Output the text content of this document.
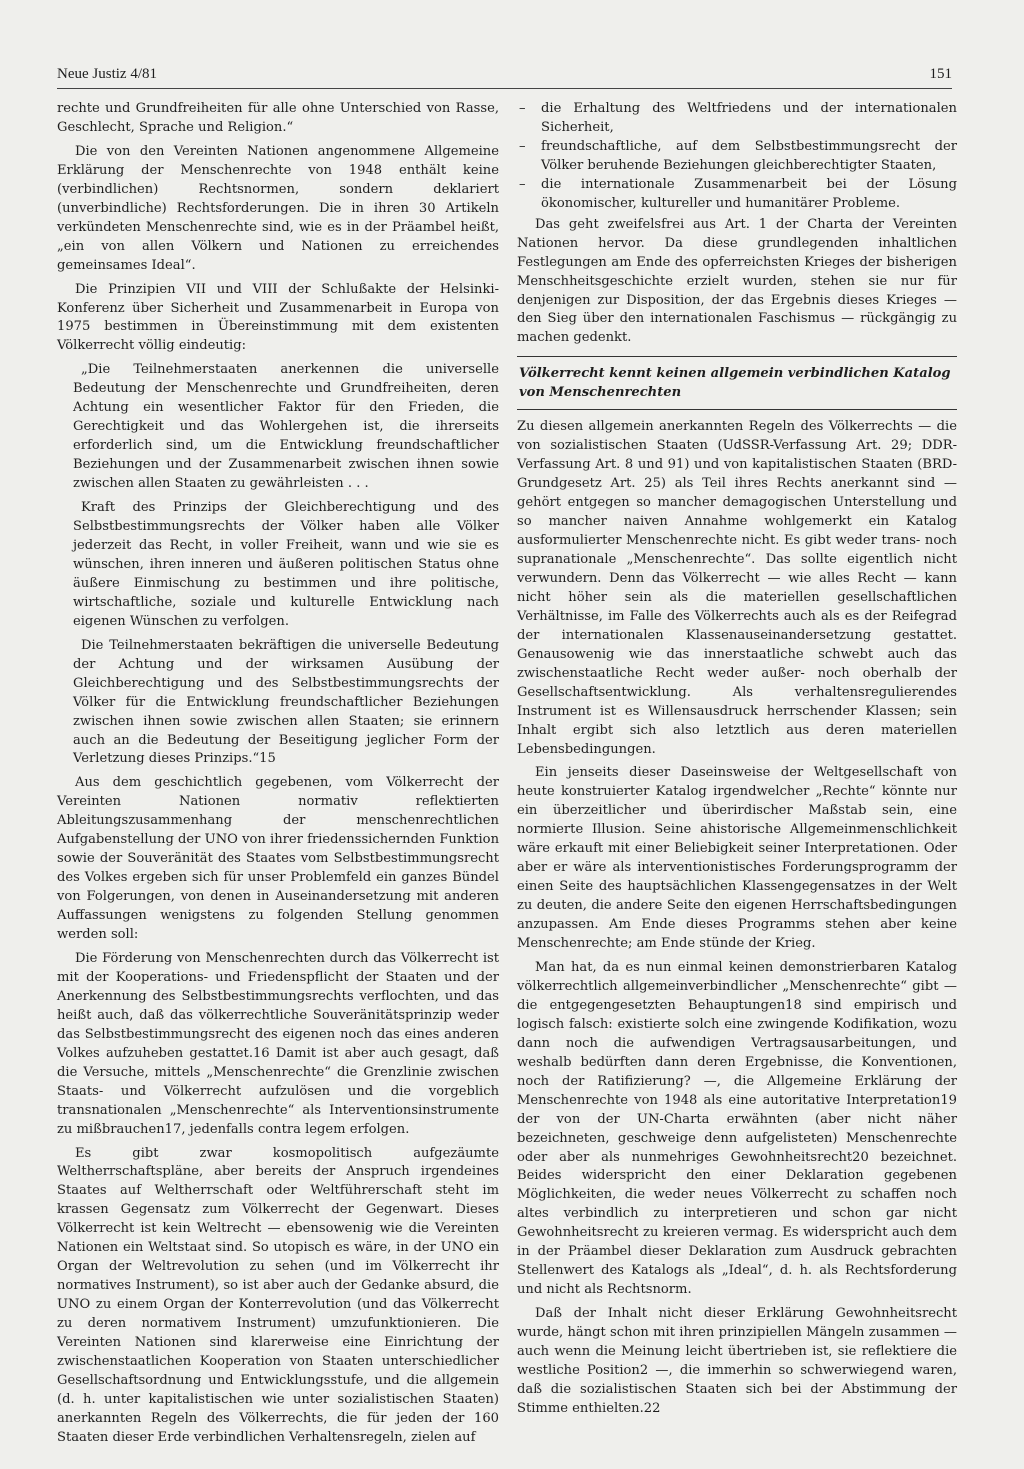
Neue Justiz 4/81	151

rechte und Grundfreiheiten für alle ohne Unterschied von Rasse, Geschlecht, Sprache und Religion.“

Die von den Vereinten Nationen angenommene Allgemeine Erklärung der Menschenrechte von 1948 enthält keine (verbindlichen) Rechtsnormen, sondern deklariert (unverbindliche) Rechtsforderungen. Die in ihren 30 Artikeln verkündeten Menschenrechte sind, wie es in der Präambel heißt, „ein von allen Völkern und Nationen zu erreichendes gemeinsames Ideal“.

Die Prinzipien VII und VIII der Schlußakte der Helsinki-Konferenz über Sicherheit und Zusammenarbeit in Europa von 1975 bestimmen in Übereinstimmung mit dem existenten Völkerrecht völlig eindeutig:

„Die Teilnehmerstaaten anerkennen die universelle Bedeutung der Menschenrechte und Grundfreiheiten, deren Achtung ein wesentlicher Faktor für den Frieden, die Gerechtigkeit und das Wohlergehen ist, die ihrerseits erforderlich sind, um die Entwicklung freundschaftlicher Beziehungen und der Zusammenarbeit zwischen ihnen sowie zwischen allen Staaten zu gewährleisten . . .

Kraft des Prinzips der Gleichberechtigung und des Selbstbestimmungsrechts der Völker haben alle Völker jederzeit das Recht, in voller Freiheit, wann und wie sie es wünschen, ihren inneren und äußeren politischen Status ohne äußere Einmischung zu bestimmen und ihre politische, wirtschaftliche, soziale und kulturelle Entwicklung nach eigenen Wünschen zu verfolgen.

Die Teilnehmerstaaten bekräftigen die universelle Bedeutung der Achtung und der wirksamen Ausübung der Gleichberechtigung und des Selbstbestimmungsrechts der Völker für die Entwicklung freundschaftlicher Beziehungen zwischen ihnen sowie zwischen allen Staaten; sie erinnern auch an die Bedeutung der Beseitigung jeglicher Form der Verletzung dieses Prinzips.“15

Aus dem geschichtlich gegebenen, vom Völkerrecht der Vereinten Nationen normativ reflektierten Ableitungszusammenhang der menschenrechtlichen Aufgabenstellung der UNO von ihrer friedenssichernden Funktion sowie der Souveränität des Staates vom Selbstbestimmungsrecht des Volkes ergeben sich für unser Problemfeld ein ganzes Bündel von Folgerungen, von denen in Auseinandersetzung mit anderen Auffassungen wenigstens zu folgenden Stellung genommen werden soll:

Die Förderung von Menschenrechten durch das Völkerrecht ist mit der Kooperations- und Friedenspflicht der Staaten und der Anerkennung des Selbstbestimmungsrechts verflochten, und das heißt auch, daß das völkerrechtliche Souveränitätsprinzip weder das Selbstbestimmungsrecht des eigenen noch das eines anderen Volkes aufzuheben gestattet.16 Damit ist aber auch gesagt, daß die Versuche, mittels „Menschenrechte“ die Grenzlinie zwischen Staats- und Völkerrecht aufzulösen und die vorgeblich transnationalen „Menschenrechte“ als Interventionsinstrumente zu mißbrauchen17, jedenfalls contra legem erfolgen.

Es gibt zwar kosmopolitisch aufgezäumte Weltherrschaftspläne, aber bereits der Anspruch irgendeines Staates auf Weltherrschaft oder Weltführerschaft steht im krassen Gegensatz zum Völkerrecht der Gegenwart. Dieses Völkerrecht ist kein Weltrecht — ebensowenig wie die Vereinten Nationen ein Weltstaat sind. So utopisch es wäre, in der UNO ein Organ der Weltrevolution zu sehen (und im Völkerrecht ihr normatives Instrument), so ist aber auch der Gedanke absurd, die UNO zu einem Organ der Konterrevolution (und das Völkerrecht zu deren normativem Instrument) umzufunktionieren. Die Vereinten Nationen sind klarerweise eine Einrichtung der zwischenstaatlichen Kooperation von Staaten unterschiedlicher Gesellschaftsordnung und Entwicklungsstufe, und die allgemein (d. h. unter kapitalistischen wie unter sozialistischen Staaten) anerkannten Regeln des Völkerrechts, die für jeden der 160 Staaten dieser Erde verbindlichen Verhaltensregeln, zielen auf

– die Erhaltung des Weltfriedens und der internationalen Sicherheit,
– freundschaftliche, auf dem Selbstbestimmungsrecht der Völker beruhende Beziehungen gleichberechtigter Staaten,
– die internationale Zusammenarbeit bei der Lösung ökonomischer, kultureller und humanitärer Probleme.

Das geht zweifelsfrei aus Art. 1 der Charta der Vereinten Nationen hervor. Da diese grundlegenden inhaltlichen Festlegungen am Ende des opferreichsten Krieges der bisherigen Menschheitsgeschichte erzielt wurden, stehen sie nur für denjenigen zur Disposition, der das Ergebnis dieses Krieges — den Sieg über den internationalen Faschismus — rückgängig zu machen gedenkt.

Völkerrecht kennt keinen allgemein verbindlichen Katalog von Menschenrechten

Zu diesen allgemein anerkannten Regeln des Völkerrechts — die von sozialistischen Staaten (UdSSR-Verfassung Art. 29; DDR-Verfassung Art. 8 und 91) und von kapitalistischen Staaten (BRD-Grundgesetz Art. 25) als Teil ihres Rechts anerkannt sind — gehört entgegen so mancher demagogischen Unterstellung und so mancher naiven Annahme wohlgemerkt ein Katalog ausformulierter Menschenrechte nicht. Es gibt weder trans- noch supranationale „Menschenrechte“. Das sollte eigentlich nicht verwundern. Denn das Völkerrecht — wie alles Recht — kann nicht höher sein als die materiellen gesellschaftlichen Verhältnisse, im Falle des Völkerrechts auch als es der Reifegrad der internationalen Klassenauseinandersetzung gestattet. Genausowenig wie das innerstaatliche schwebt auch das zwischenstaatliche Recht weder außer- noch oberhalb der Gesellschaftsentwicklung. Als verhaltensregulierendes Instrument ist es Willensausdruck herrschender Klassen; sein Inhalt ergibt sich also letztlich aus deren materiellen Lebensbedingungen.

Ein jenseits dieser Daseinsweise der Weltgesellschaft von heute konstruierter Katalog irgendwelcher „Rechte“ könnte nur ein überzeitlicher und überirdischer Maßstab sein, eine normierte Illusion. Seine ahistorische Allgemeinmenschlichkeit wäre erkauft mit einer Beliebigkeit seiner Interpretationen. Oder aber er wäre als interventionistisches Forderungsprogramm der einen Seite des hauptsächlichen Klassengegensatzes in der Welt zu deuten, die andere Seite den eigenen Herrschaftsbedingungen anzupassen. Am Ende dieses Programms stehen aber keine Menschenrechte; am Ende stünde der Krieg.

Man hat, da es nun einmal keinen demonstrierbaren Katalog völkerrechtlich allgemeinverbindlicher „Menschenrechte“ gibt — die entgegengesetzten Behauptungen18 sind empirisch und logisch falsch: existierte solch eine zwingende Kodifikation, wozu dann noch die aufwendigen Vertragsausarbeitungen, und weshalb bedürften dann deren Ergebnisse, die Konventionen, noch der Ratifizierung? —, die Allgemeine Erklärung der Menschenrechte von 1948 als eine autoritative Interpretation19 der von der UN-Charta erwähnten (aber nicht näher bezeichneten, geschweige denn aufgelisteten) Menschenrechte oder aber als nunmehriges Gewohnheitsrecht20 bezeichnet. Beides widerspricht den einer Deklaration gegebenen Möglichkeiten, die weder neues Völkerrecht zu schaffen noch altes verbindlich zu interpretieren und schon gar nicht Gewohnheitsrecht zu kreieren vermag. Es widerspricht auch dem in der Präambel dieser Deklaration zum Ausdruck gebrachten Stellenwert des Katalogs als „Ideal“, d. h. als Rechtsforderung und nicht als Rechtsnorm.

Daß der Inhalt nicht dieser Erklärung Gewohnheitsrecht wurde, hängt schon mit ihren prinzipiellen Mängeln zusammen — auch wenn die Meinung leicht übertrieben ist, sie reflektiere die westliche Position2 —, die immerhin so schwerwiegend waren, daß die sozialistischen Staaten sich bei der Abstimmung der Stimme enthielten.22
